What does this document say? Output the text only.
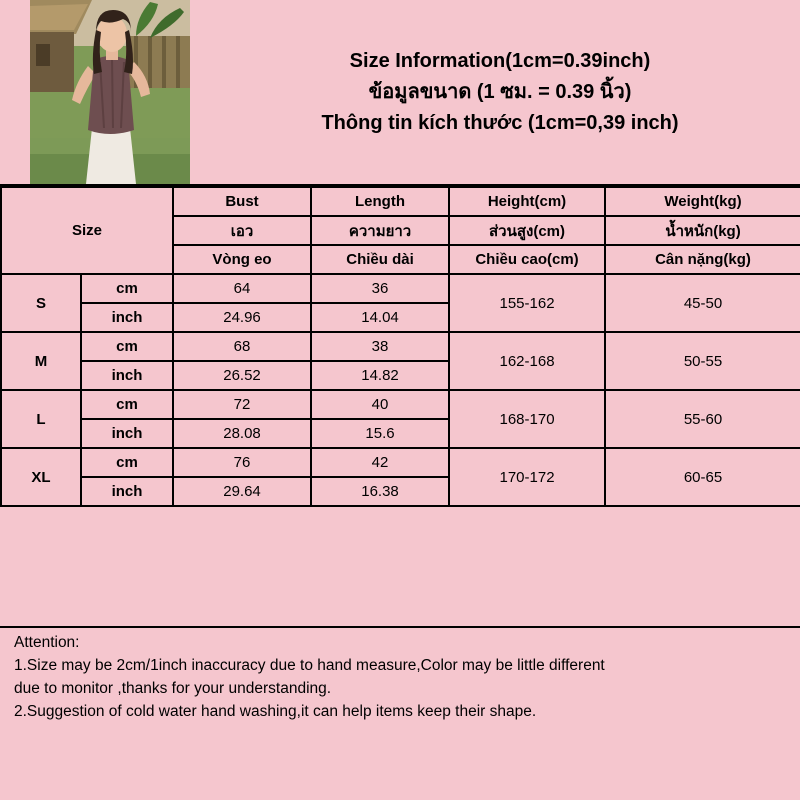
Size Information(1cm=0.39inch)
ข้อมูลขนาด (1 ซม. = 0.39 นิ้ว)
Thông tin kích thước (1cm=0,39 inch)
Size		Bust	Length	Height(cm)	Weight(kg)
		เอว	ความยาว	ส่วนสูง(cm)	น้ำหนัก(kg)
		Vòng eo	Chiều dài	Chiều cao(cm)	Cân nặng(kg)
S	cm	64	36	155-162	45-50
	inch	24.96	14.04		
M	cm	68	38	162-168	50-55
	inch	26.52	14.82		
L	cm	72	40	168-170	55-60
	inch	28.08	15.6		
XL	cm	76	42	170-172	60-65
	inch	29.64	16.38		

Attention:

1.Size may be 2cm/1inch inaccuracy due to hand measure,Color may be little different

due to monitor ,thanks for your understanding.

2.Suggestion of cold water hand washing,it can help items keep their shape.
